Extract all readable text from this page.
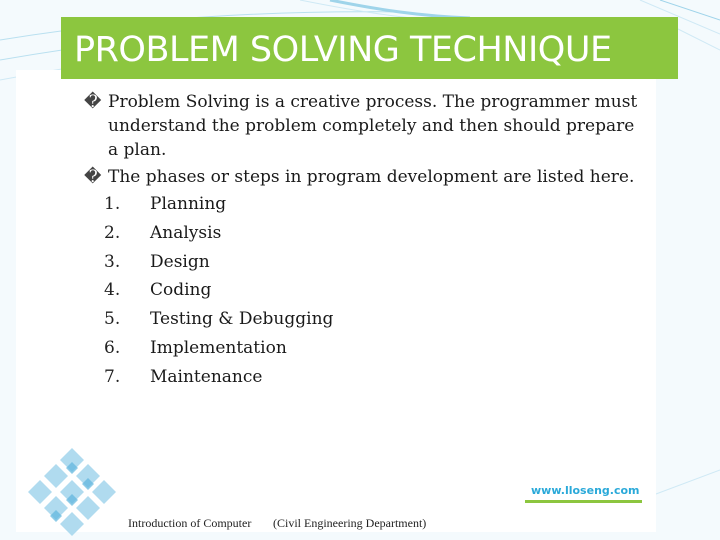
PROBLEM SOLVING TECHNIQUE
� Problem Solving is a creative process. The programmer must
understand the problem completely and then should prepare
a plan.
� The phases or steps in program development are listed here.
1.	Planning
2.	Analysis
3.	Design
4.	Coding
5.	Testing & Debugging
6.	Implementation
7.	Maintenance
www.lloseng.com
Introduction of Computer (Civil Engineering Department)
